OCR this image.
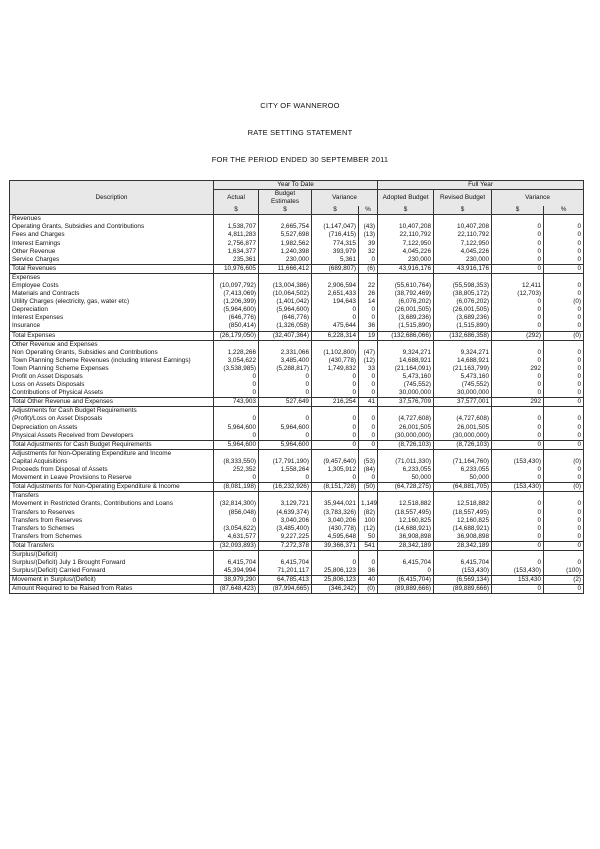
CITY OF WANNEROO
RATE SETTING STATEMENT
FOR THE PERIOD ENDED 30 SEPTEMBER 2011
	Year To Date				Full Year			
Description	Actual	Budget Estimates	Variance		Adopted Budget	Revised Budget	Variance	
	$	$	$	%	$	$	$	%
Revenues								
Operating Grants, Subsidies and Contributions	1,538,707	2,665,754	(1,147,047)	(43)	10,407,208	10,407,208	0	0
Fees and Charges	4,811,283	5,527,698	(716,415)	(13)	22,110,792	22,110,792	0	0
Interest Earnings	2,756,877	1,982,562	774,315	39	7,122,950	7,122,950	0	0
Other Revenue	1,634,377	1,240,398	393,979	32	4,045,226	4,045,226	0	0
Service Charges	235,361	230,000	5,361	0	230,000	230,000	0	0
Total Revenues	10,976,605	11,666,412	(689,807)	(6)	43,916,176	43,916,176	0	0
Expenses								
Employee Costs	(10,097,792)	(13,004,386)	2,906,594	22	(55,610,764)	(55,598,353)	12,411	0
Materials and Contracts	(7,413,069)	(10,064,502)	2,651,433	26	(38,792,469)	(38,805,172)	(12,703)	0
Utility Charges (electricity, gas, water etc)	(1,206,399)	(1,401,042)	194,643	14	(6,076,202)	(6,076,202)	0	(0)
Depreciation	(5,964,600)	(5,964,600)	0	0	(26,001,505)	(26,001,505)	0	0
Interest Expenses	(646,776)	(646,776)	0	0	(3,689,236)	(3,689,236)	0	0
Insurance	(850,414)	(1,326,058)	475,644	36	(1,515,890)	(1,515,890)	0	0
Total Expenses	(26,179,050)	(32,407,364)	6,228,314	19	(132,686,066)	(132,686,358)	(292)	(0)
Other Revenue and Expenses								
Non Operating Grants, Subsidies and Contributions	1,228,266	2,331,066	(1,102,800)	(47)	9,324,271	9,324,271	0	0
Town Planning Scheme Revenues (including Interest Earnings)	3,054,622	3,485,400	(430,778)	(12)	14,688,921	14,688,921	0	0
Town Planning Scheme Expenses	(3,538,985)	(5,288,817)	1,749,832	33	(21,164,091)	(21,163,799)	292	0
Profit on Asset Disposals	0	0	0	0	5,473,160	5,473,160	0	0
Loss on Assets Disposals	0	0	0	0	(745,552)	(745,552)	0	0
Contributions of Physical Assets	0	0	0	0	30,000,000	30,000,000	0	0
Total Other Revenue and Expenses	743,903	527,649	216,254	41	37,576,709	37,577,001	292	0
Adjustments for Cash Budget Requirements								
(Profit)/Loss on Asset Disposals	0	0	0	0	(4,727,608)	(4,727,608)	0	0
Depreciation on Assets	5,964,600	5,964,600	0	0	26,001,505	26,001,505	0	0
Physical Assets Received from Developers	0	0	0	0	(30,000,000)	(30,000,000)	0	0
Total Adjustments for Cash Budget Requirements	5,964,600	5,964,600	0	0	(8,726,103)	(8,726,103)	0	0
Adjustments for Non-Operating Expenditure and Income								
Capital Acquisitions	(8,333,550)	(17,791,190)	(9,457,640)	(53)	(71,011,330)	(71,164,760)	(153,430)	(0)
Proceeds from Disposal of Assets	252,352	1,558,264	1,305,912	(84)	6,233,055	6,233,055	0	0
Movement in Leave Provisions to Reserve	0	0	0	0	50,000	50,000	0	0
Total Adjustments for Non-Operating Expenditure & Income	(8,081,198)	(16,232,926)	(8,151,728)	(50)	(64,728,275)	(64,881,705)	(153,430)	(0)
Transfers								
Movement in Restricted Grants, Contributions and Loans	(32,814,300)	3,129,721	35,944,021	1,149	12,518,882	12,518,882	0	0
Transfers to Reserves	(856,048)	(4,639,374)	(3,783,326)	(82)	(18,557,495)	(18,557,495)	0	0
Transfers from Reserves	0	3,040,206	3,040,206	100	12,160,825	12,160,825	0	0
Transfers to Schemes	(3,054,622)	(3,485,400)	(430,778)	(12)	(14,688,921)	(14,688,921)	0	0
Transfers from Schemes	4,631,577	9,227,225	4,595,648	50	36,908,898	36,908,898	0	0
Total Transfers	(32,093,893)	7,272,378	39,366,371	541	28,342,189	28,342,189	0	0
Surplus/(Deficit)								
Surplus/(Deficit) July 1 Brought Forward	6,415,704	6,415,704	0	0	6,415,704	6,415,704	0	0
Surplus/(Deficit) Carried Forward	45,394,994	71,201,117	25,806,123	36	0	(153,430)	(153,430)	(100)
Movement in Surplus/(Deficit)	38,979,290	64,785,413	25,806,123	40	(6,415,704)	(6,569,134)	153,430	(2)
Amount Required to be Raised from Rates	(87,648,423)	(87,994,665)	(346,242)	(0)	(89,889,666)	(89,889,666)	0	0
